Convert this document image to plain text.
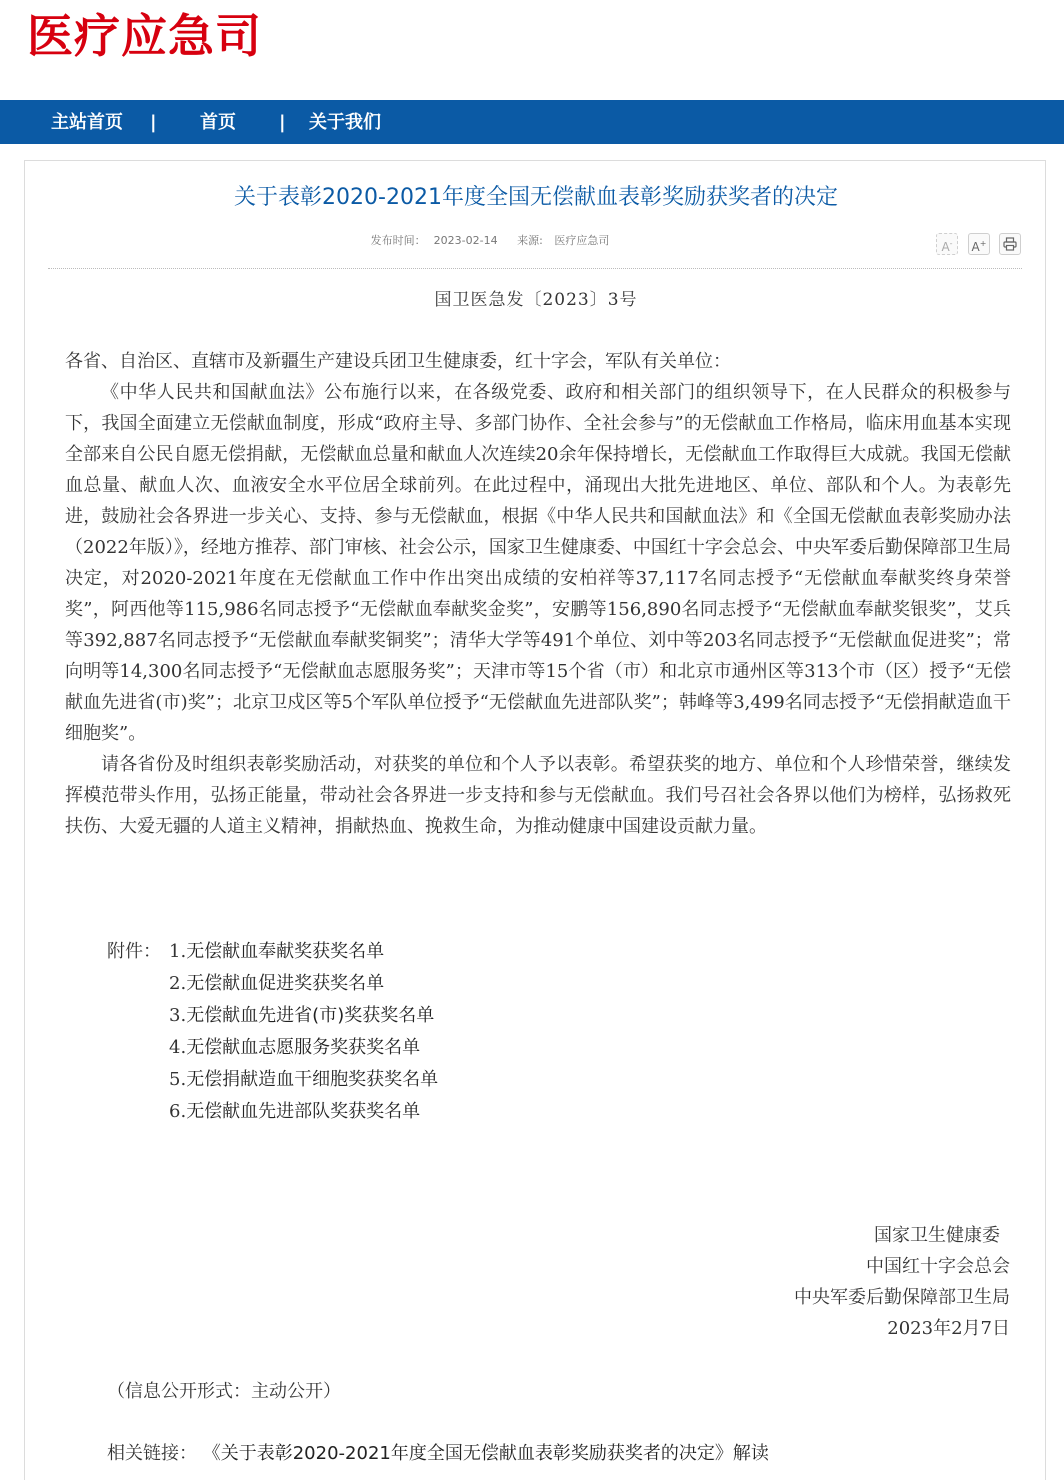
医疗应急司
主站首页 | 首页 | 关于我们
关于表彰2020-2021年度全国无偿献血表彰奖励获奖者的决定
发布时间： 2023-02-14 来源: 医疗应急司	A-	A+
国卫医急发〔2023〕3号

各省、自治区、直辖市及新疆生产建设兵团卫生健康委，红十字会，军队有关单位：

《中华人民共和国献血法》公布施行以来，在各级党委、政府和相关部门的组织领导下，在人民群众的积极参与下，我国全面建立无偿献血制度，形成“政府主导、多部门协作、全社会参与”的无偿献血工作格局，临床用血基本实现全部来自公民自愿无偿捐献，无偿献血总量和献血人次连续20余年保持增长，无偿献血工作取得巨大成就。我国无偿献血总量、献血人次、血液安全水平位居全球前列。在此过程中，涌现出大批先进地区、单位、部队和个人。为表彰先进，鼓励社会各界进一步关心、支持、参与无偿献血，根据《中华人民共和国献血法》和《全国无偿献血表彰奖励办法（2022年版）》，经地方推荐、部门审核、社会公示，国家卫生健康委、中国红十字会总会、中央军委后勤保障部卫生局决定，对2020-2021年度在无偿献血工作中作出突出成绩的安柏祥等37,117名同志授予“无偿献血奉献奖终身荣誉奖”，阿西他等115,986名同志授予“无偿献血奉献奖金奖”，安鹏等156,890名同志授予“无偿献血奉献奖银奖”，艾兵等392,887名同志授予“无偿献血奉献奖铜奖”；清华大学等491个单位、刘中等203名同志授予“无偿献血促进奖”；常向明等14,300名同志授予“无偿献血志愿服务奖”；天津市等15个省（市）和北京市通州区等313个市（区）授予“无偿献血先进省(市)奖”；北京卫戍区等5个军队单位授予“无偿献血先进部队奖”；韩峰等3,499名同志授予“无偿捐献造血干细胞奖”。

请各省份及时组织表彰奖励活动，对获奖的单位和个人予以表彰。希望获奖的地方、单位和个人珍惜荣誉，继续发挥模范带头作用，弘扬正能量，带动社会各界进一步支持和参与无偿献血。我们号召社会各界以他们为榜样，弘扬救死扶伤、大爱无疆的人道主义精神，捐献热血、挽救生命，为推动健康中国建设贡献力量。

附件： 1.无偿献血奉献奖获奖名单
2.无偿献血促进奖获奖名单
3.无偿献血先进省(市)奖获奖名单
4.无偿献血志愿服务奖获奖名单
5.无偿捐献造血干细胞奖获奖名单
6.无偿献血先进部队奖获奖名单
国家卫生健康委
中国红十字会总会
中央军委后勤保障部卫生局
2023年2月7日
（信息公开形式：主动公开）
相关链接： 《关于表彰2020-2021年度全国无偿献血表彰奖励获奖者的决定》解读
